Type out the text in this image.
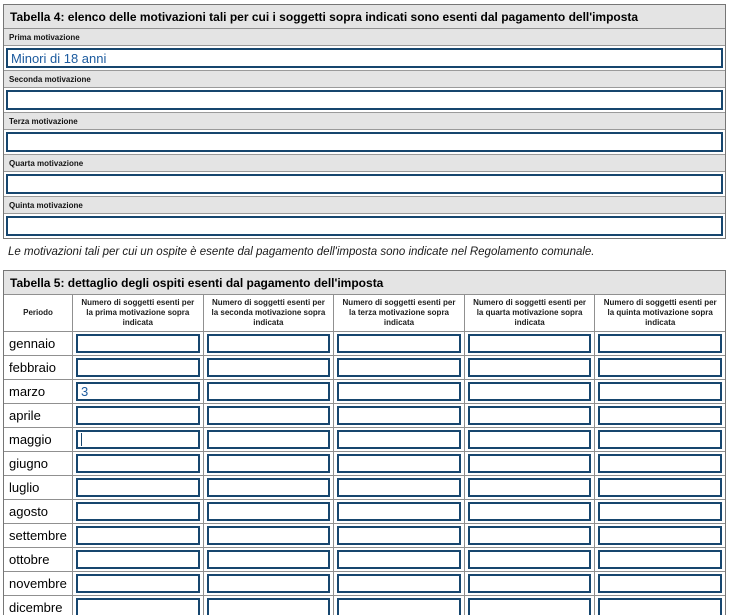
Tabella 4: elenco delle motivazioni tali per cui i soggetti sopra indicati sono esenti dal pagamento dell'imposta
Prima motivazione
Minori di 18 anni
Seconda motivazione
Terza motivazione
Quarta motivazione
Quinta motivazione

Le motivazioni tali per cui un ospite è esente dal pagamento dell'imposta sono indicate nel Regolamento comunale.

Tabella 5: dettaglio degli ospiti esenti dal pagamento dell'imposta
Periodo
Numero di soggetti esenti per la prima motivazione sopra indicata
Numero di soggetti esenti per la seconda motivazione sopra indicata
Numero di soggetti esenti per la terza motivazione sopra indicata
Numero di soggetti esenti per la quarta motivazione sopra indicata
Numero di soggetti esenti per la quinta motivazione sopra indicata
gennaio
febbraio
marzo
3
aprile
maggio
giugno
luglio
agosto
settembre
ottobre
novembre
dicembre
